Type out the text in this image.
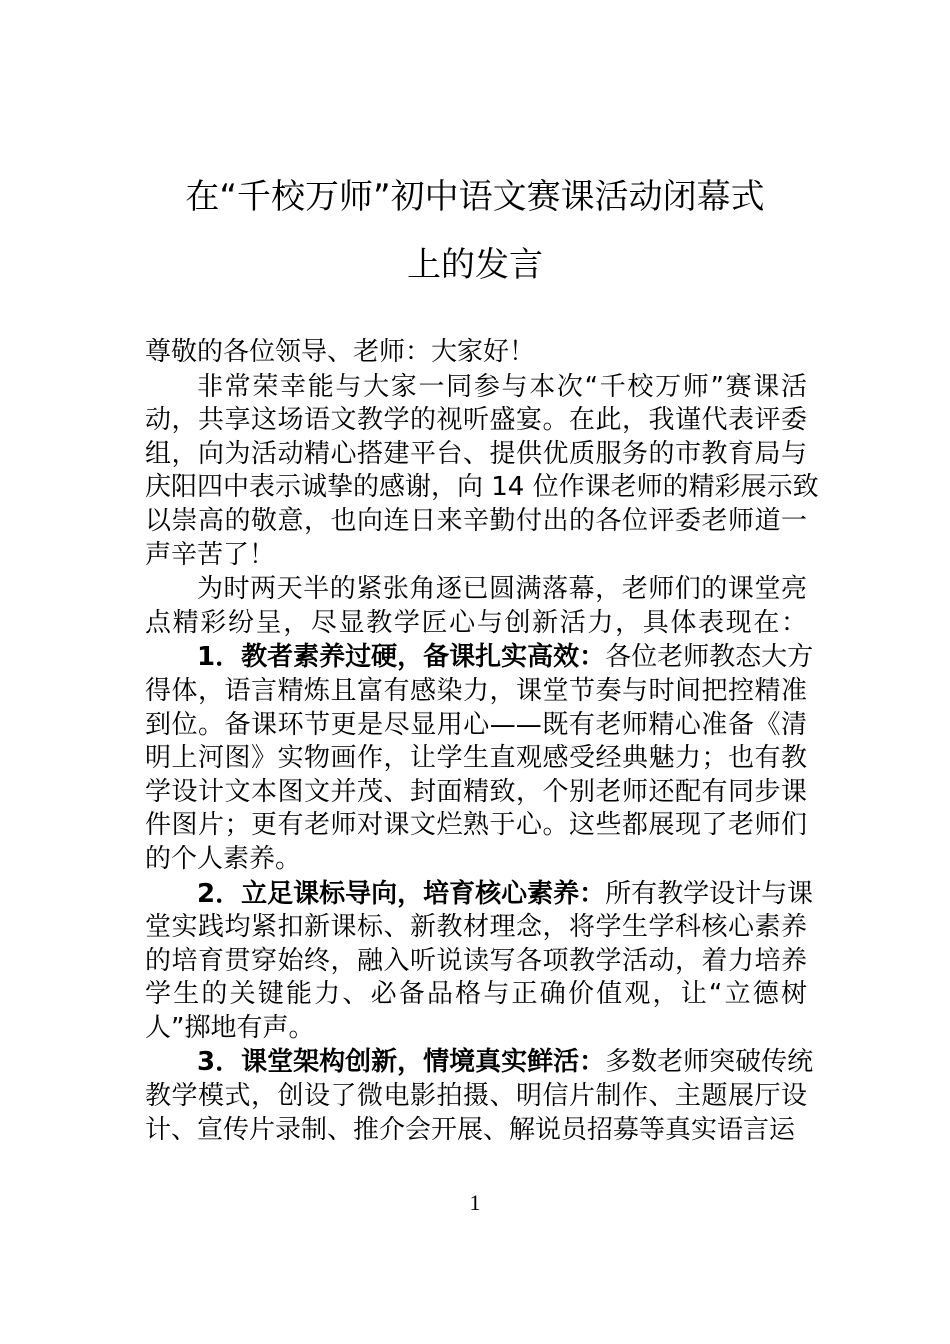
在“千校万师”初中语文赛课活动闭幕式
上的发言
尊敬的各位领导、老师：大家好！
非常荣幸能与大家一同参与本次“千校万师”赛课活
动，共享这场语文教学的视听盛宴。在此，我谨代表评委
组，向为活动精心搭建平台、提供优质服务的市教育局与
庆阳四中表示诚挚的感谢，向 14 位作课老师的精彩展示致
以崇高的敬意，也向连日来辛勤付出的各位评委老师道一
声辛苦了！
为时两天半的紧张角逐已圆满落幕，老师们的课堂亮
点精彩纷呈，尽显教学匠心与创新活力，具体表现在：
1．教者素养过硬，备课扎实高效：各位老师教态大方
得体，语言精炼且富有感染力，课堂节奏与时间把控精准
到位。备课环节更是尽显用心——既有老师精心准备《清
明上河图》实物画作，让学生直观感受经典魅力；也有教
学设计文本图文并茂、封面精致，个别老师还配有同步课
件图片；更有老师对课文烂熟于心。这些都展现了老师们
的个人素养。
2．立足课标导向，培育核心素养：所有教学设计与课
堂实践均紧扣新课标、新教材理念，将学生学科核心素养
的培育贯穿始终，融入听说读写各项教学活动，着力培养
学生的关键能力、必备品格与正确价值观，让“立德树
人”掷地有声。
3．课堂架构创新，情境真实鲜活：多数老师突破传统
教学模式，创设了微电影拍摄、明信片制作、主题展厅设
计、宣传片录制、推介会开展、解说员招募等真实语言运
1
